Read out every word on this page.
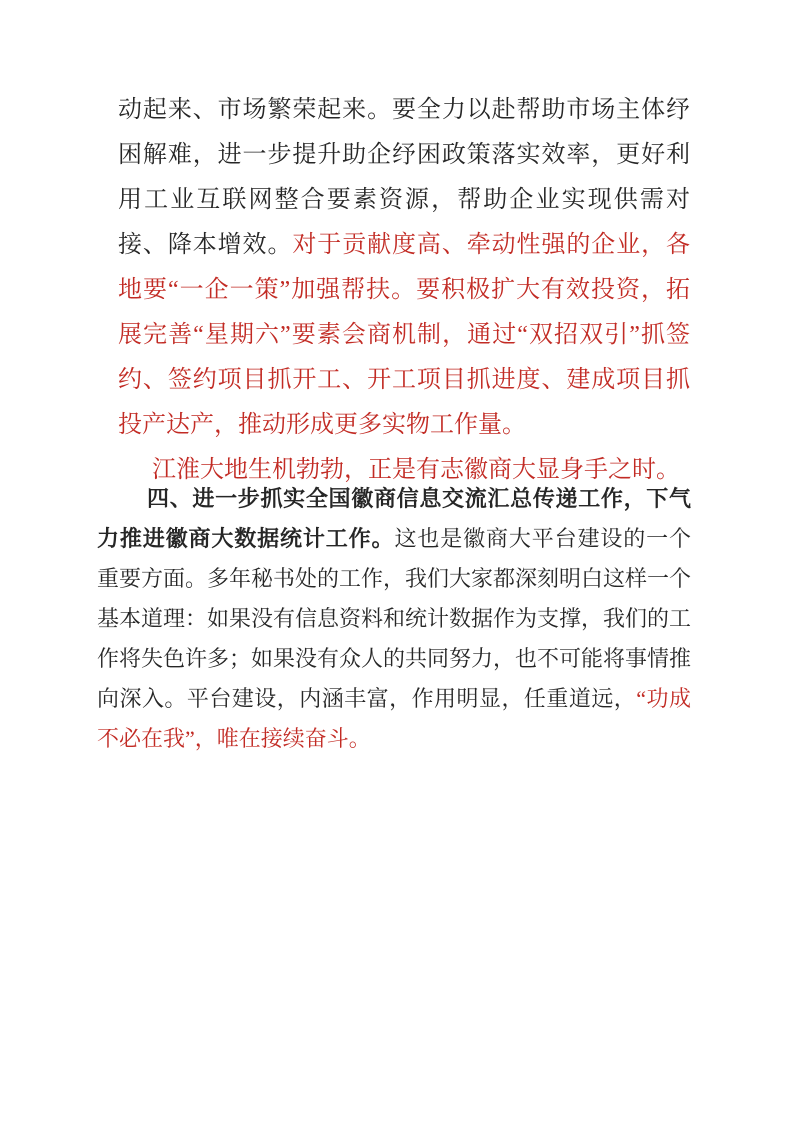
动起来、市场繁荣起来。要全力以赴帮助市场主体纾困解难，进一步提升助企纾困政策落实效率，更好利用工业互联网整合要素资源，帮助企业实现供需对接、降本增效。对于贡献度高、牵动性强的企业，各地要“一企一策”加强帮扶。要积极扩大有效投资，拓展完善“星期六”要素会商机制，通过“双招双引”抓签约、签约项目抓开工、开工项目抓进度、建成项目抓投产达产，推动形成更多实物工作量。

江淮大地生机勃勃，正是有志徽商大显身手之时。

四、进一步抓实全国徽商信息交流汇总传递工作，下气力推进徽商大数据统计工作。这也是徽商大平台建设的一个重要方面。多年秘书处的工作，我们大家都深刻明白这样一个基本道理：如果没有信息资料和统计数据作为支撑，我们的工作将失色许多；如果没有众人的共同努力，也不可能将事情推向深入。平台建设，内涵丰富，作用明显，任重道远，“功成不必在我”，唯在接续奋斗。
